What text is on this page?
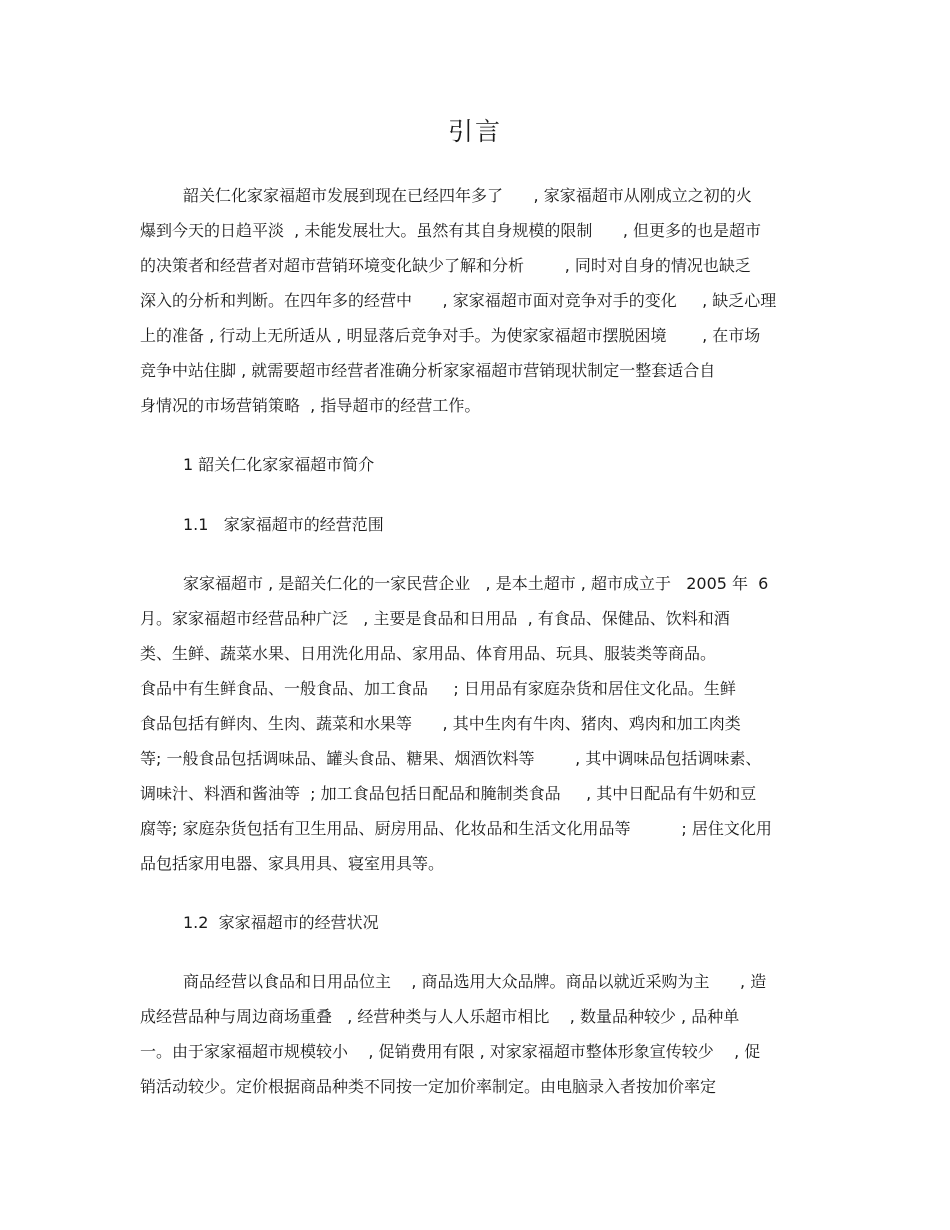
引言
韶关仁化家家福超市发展到现在已经四年多了      , 家家福超市从刚成立之初的火
爆到今天的日趋平淡  , 未能发展壮大。虽然有其自身规模的限制      , 但更多的也是超市
的决策者和经营者对超市营销环境变化缺少了解和分析        , 同时对自身的情况也缺乏
深入的分析和判断。在四年多的经营中      , 家家福超市面对竞争对手的变化     , 缺乏心理
上的准备 , 行动上无所适从 , 明显落后竞争对手。为使家家福超市摆脱困境       , 在市场
竞争中站住脚 , 就需要超市经营者准确分析家家福超市营销现状制定一整套适合自
身情况的市场营销策略  , 指导超市的经营工作。
1 韶关仁化家家福超市简介
1.1   家家福超市的经营范围
家家福超市 , 是韶关仁化的一家民营企业   , 是本土超市 , 超市成立于   2005 年  6
月。家家福超市经营品种广泛   , 主要是食品和日用品  , 有食品、保健品、饮料和酒
类、生鲜、蔬菜水果、日用洗化用品、家用品、体育用品、玩具、服装类等商品。
食品中有生鲜食品、一般食品、加工食品     ; 日用品有家庭杂货和居住文化品。生鲜
食品包括有鲜肉、生肉、蔬菜和水果等      , 其中生肉有牛肉、猪肉、鸡肉和加工肉类
等; 一般食品包括调味品、罐头食品、糖果、烟酒饮料等        , 其中调味品包括调味素、
调味汁、料酒和酱油等  ; 加工食品包括日配品和腌制类食品     , 其中日配品有牛奶和豆
腐等; 家庭杂货包括有卫生用品、厨房用品、化妆品和生活文化用品等          ; 居住文化用
品包括家用电器、家具用具、寝室用具等。
1.2  家家福超市的经营状况
商品经营以食品和日用品位主    , 商品选用大众品牌。商品以就近采购为主      , 造
成经营品种与周边商场重叠   , 经营种类与人人乐超市相比    , 数量品种较少 , 品种单
一。由于家家福超市规模较小    , 促销费用有限 , 对家家福超市整体形象宣传较少    , 促
销活动较少。定价根据商品种类不同按一定加价率制定。由电脑录入者按加价率定
